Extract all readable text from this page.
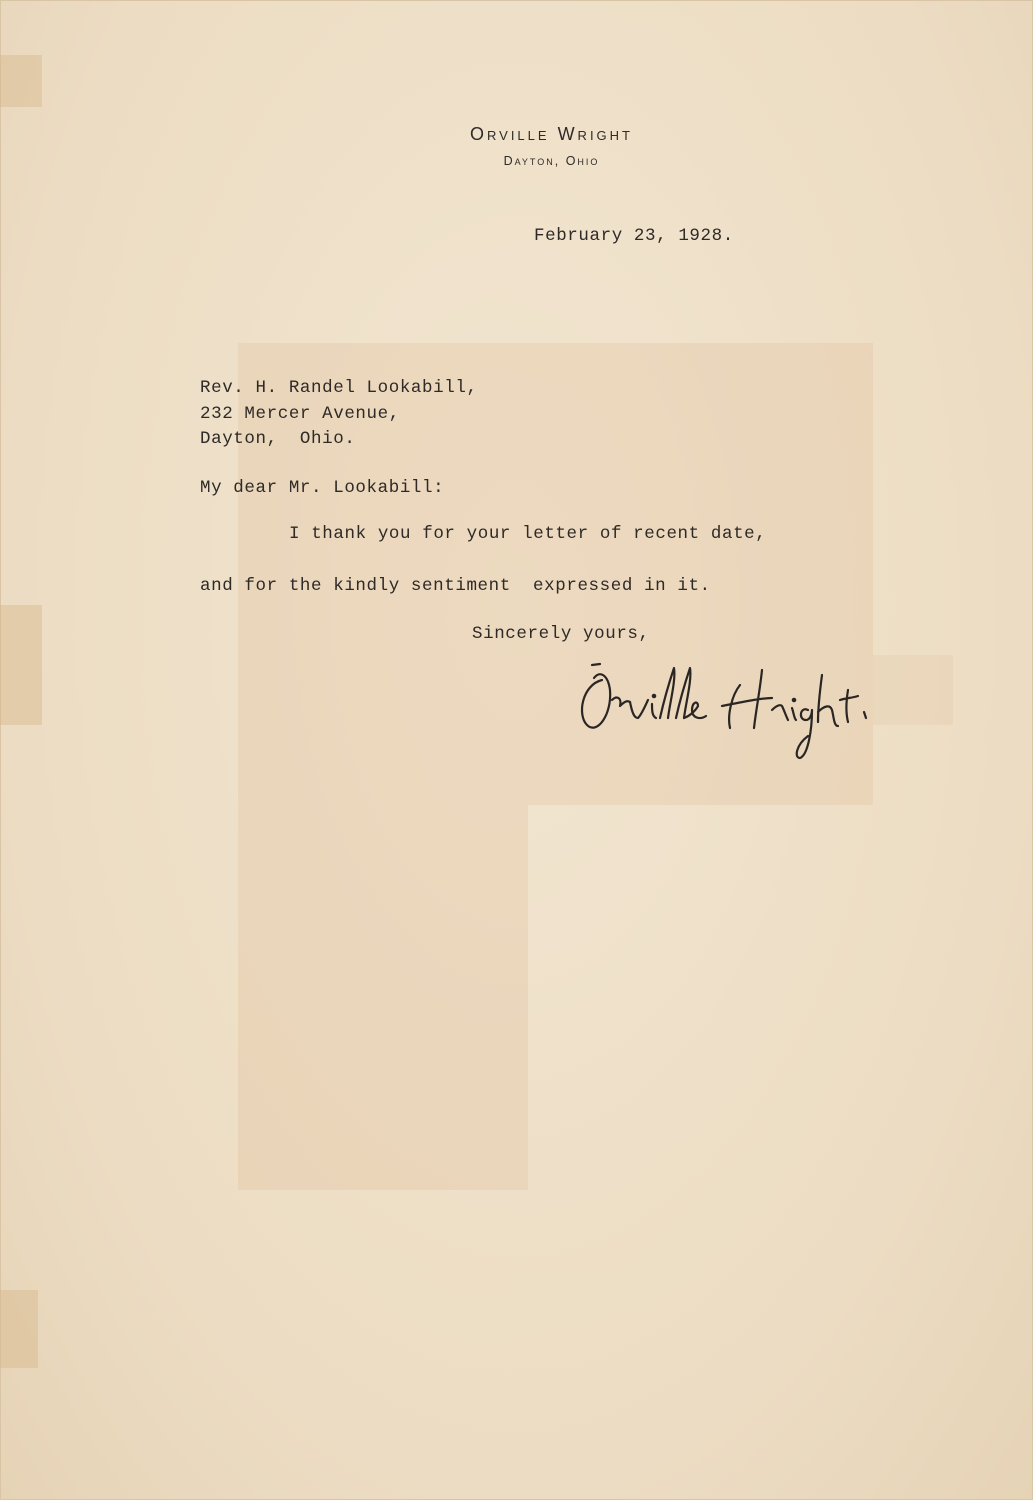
Orville Wright
Dayton, Ohio
February 23, 1928.
Rev. H. Randel Lookabill,
232 Mercer Avenue,
Dayton,  Ohio.
My dear Mr. Lookabill:
I thank you for your letter of recent date,
and for the kindly sentiment  expressed in it.
Sincerely yours,
